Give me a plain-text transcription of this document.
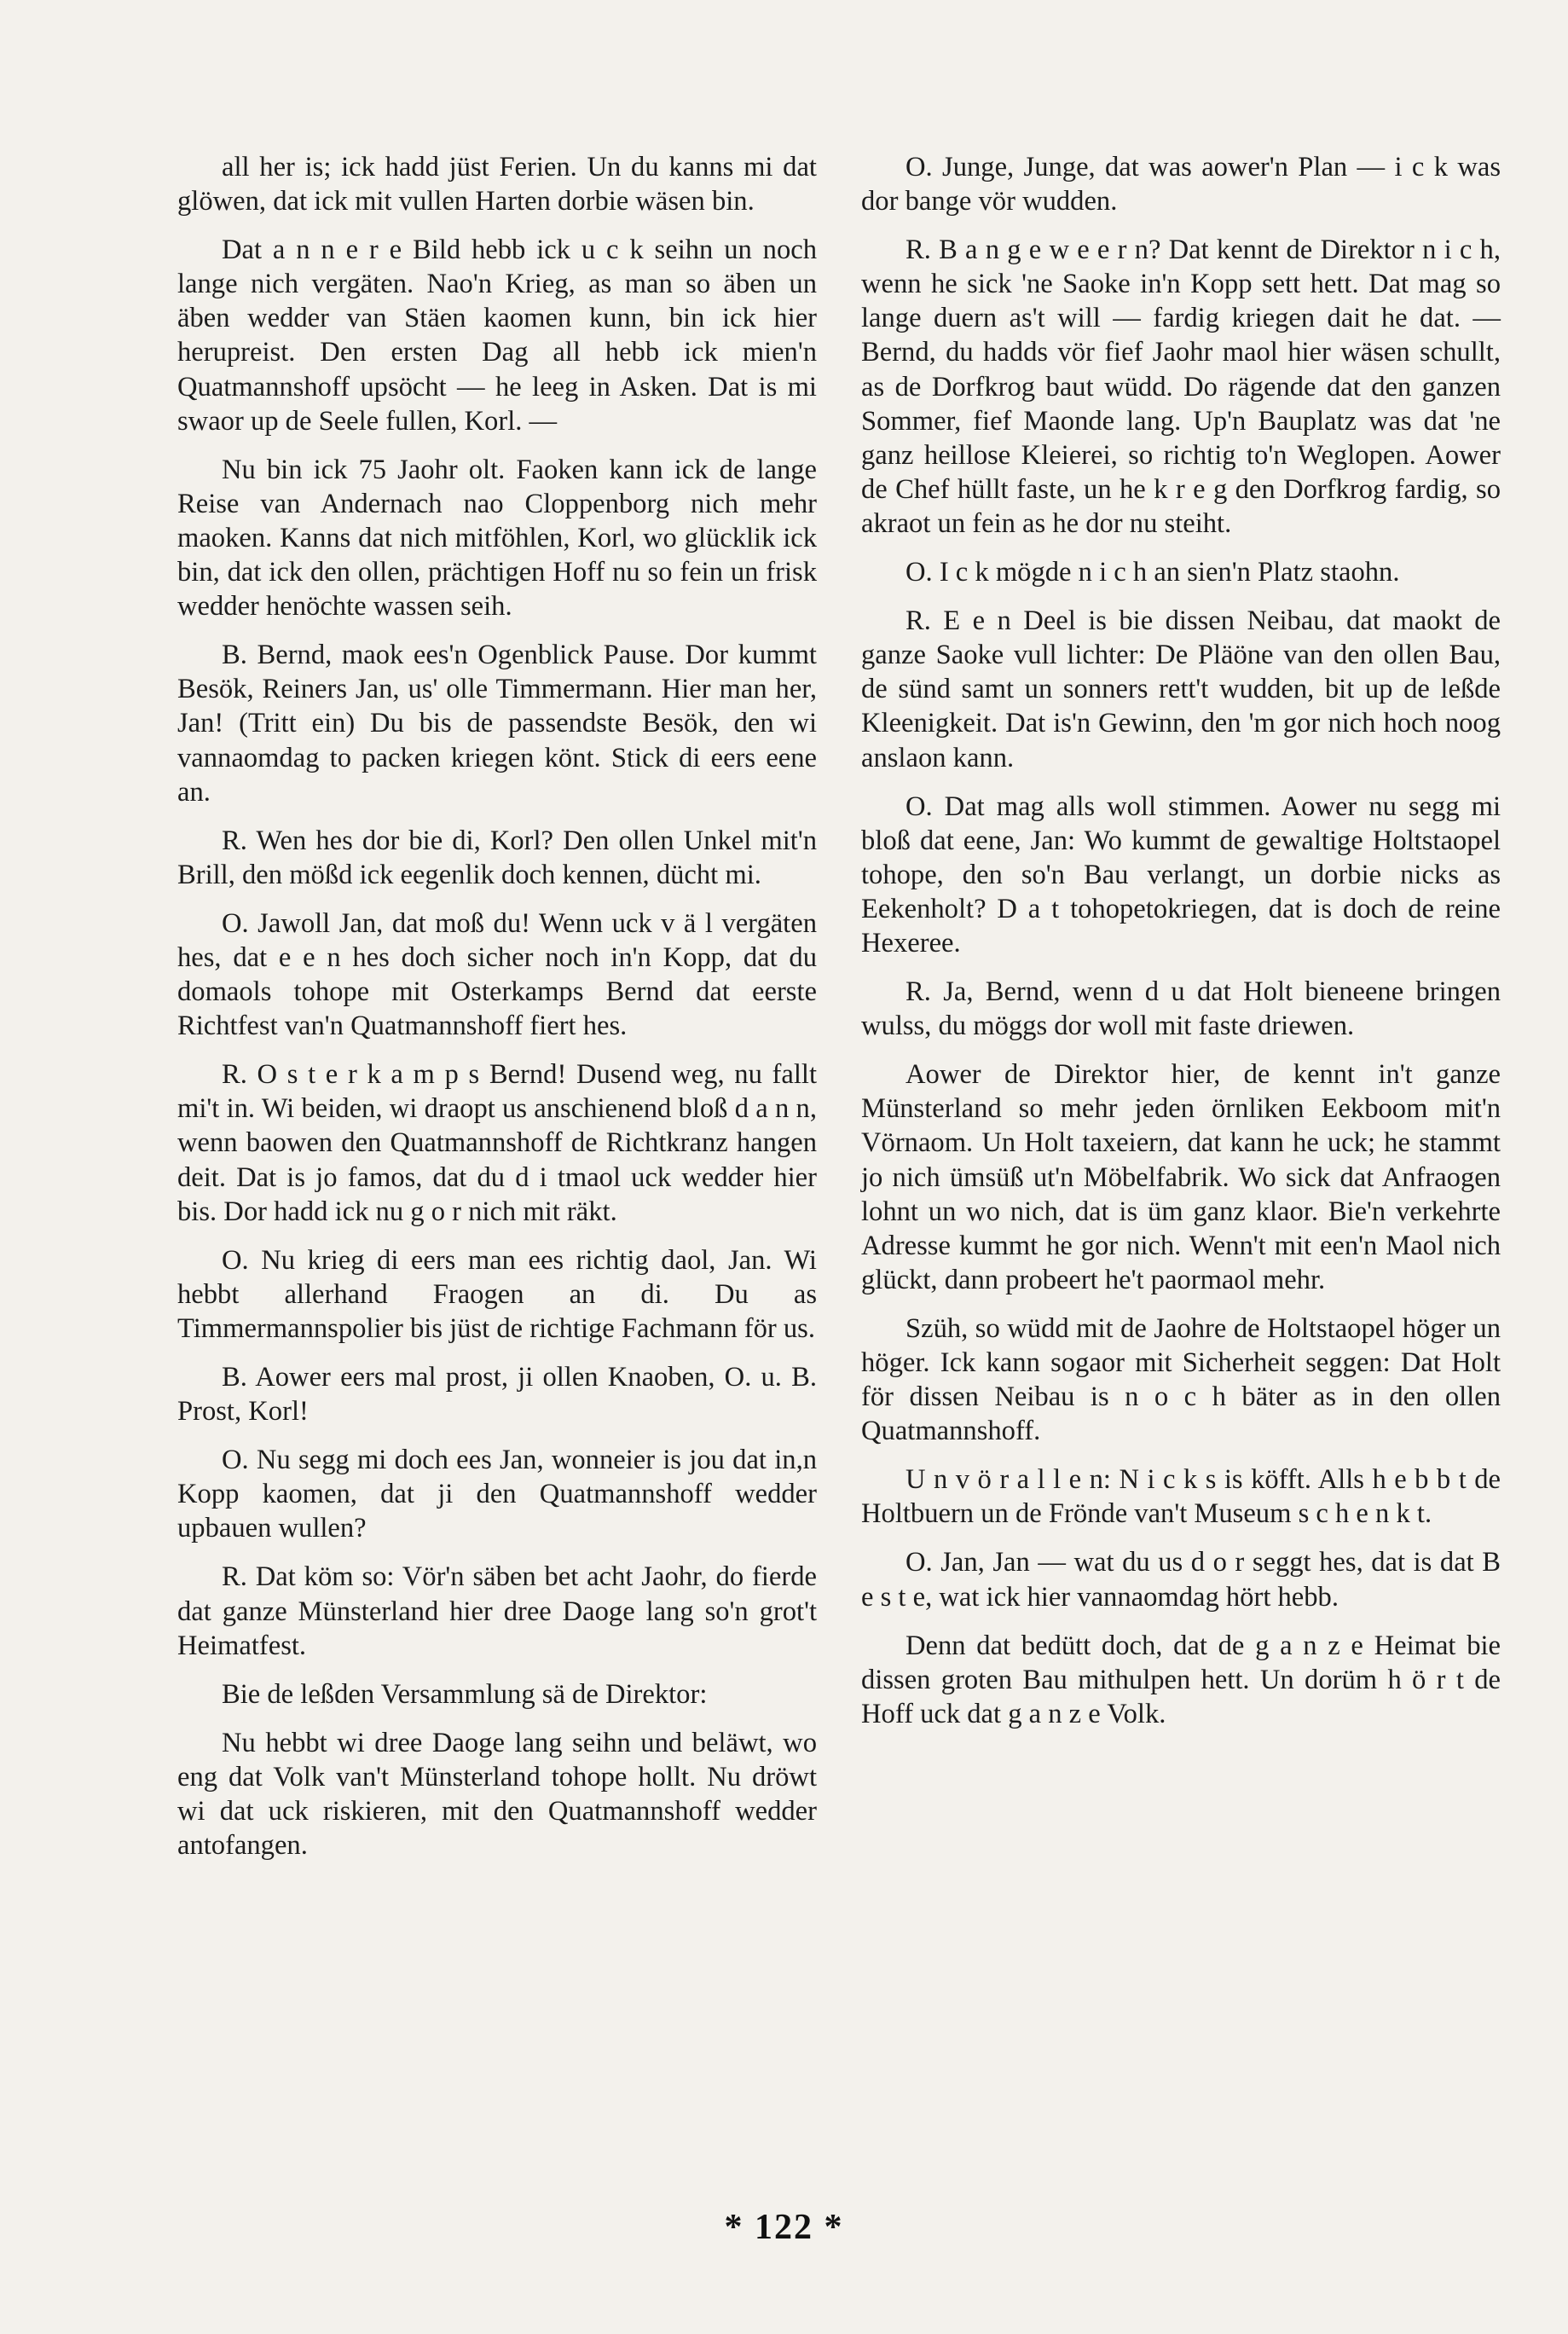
all her is; ick hadd jüst Ferien. Un du kanns mi dat glöwen, dat ick mit vullen Harten dorbie wäsen bin.

Dat a n n e r e Bild hebb ick u c k seihn un noch lange nich vergäten. Nao'n Krieg, as man so äben un äben wedder van Stäen kaomen kunn, bin ick hier herupreist. Den ersten Dag all hebb ick mien'n Quatmannshoff upsöcht — he leeg in Asken. Dat is mi swaor up de Seele fullen, Korl. —

Nu bin ick 75 Jaohr olt. Faoken kann ick de lange Reise van Andernach nao Cloppenborg nich mehr maoken. Kanns dat nich mitföhlen, Korl, wo glücklik ick bin, dat ick den ollen, prächtigen Hoff nu so fein un frisk wedder henöchte wassen seih.

B. Bernd, maok ees'n Ogenblick Pause. Dor kummt Besök, Reiners Jan, us' olle Timmermann. Hier man her, Jan! (Tritt ein) Du bis de passendste Besök, den wi vannaomdag to packen kriegen könt. Stick di eers eene an.

R. Wen hes dor bie di, Korl? Den ollen Unkel mit'n Brill, den mößd ick eegenlik doch kennen, dücht mi.

O. Jawoll Jan, dat moß du! Wenn uck v ä l vergäten hes, dat e e n hes doch sicher noch in'n Kopp, dat du domaols tohope mit Osterkamps Bernd dat eerste Richtfest van'n Quatmannshoff fiert hes.

R. O s t e r k a m p s Bernd! Dusend weg, nu fallt mi't in. Wi beiden, wi draopt us anschienend bloß d a n n, wenn baowen den Quatmannshoff de Richtkranz hangen deit. Dat is jo famos, dat du d i tmaol uck wedder hier bis. Dor hadd ick nu g o r nich mit räkt.

O. Nu krieg di eers man ees richtig daol, Jan. Wi hebbt allerhand Fraogen an di. Du as Timmermannspolier bis jüst de richtige Fachmann för us.

B. Aower eers mal prost, ji ollen Knaoben, O. u. B. Prost, Korl!

O. Nu segg mi doch ees Jan, wonneier is jou dat in,n Kopp kaomen, dat ji den Quatmannshoff wedder upbauen wullen?

R. Dat köm so: Vör'n säben bet acht Jaohr, do fierde dat ganze Münsterland hier dree Daoge lang so'n grot't Heimatfest.

Bie de leßden Versammlung sä de Direktor:

Nu hebbt wi dree Daoge lang seihn und beläwt, wo eng dat Volk van't Münsterland tohope hollt. Nu dröwt wi dat uck riskieren, mit den Quatmannshoff wedder antofangen.

O. Junge, Junge, dat was aower'n Plan — i c k was dor bange vör wudden.

R. B a n g e w e e r n? Dat kennt de Direktor n i c h, wenn he sick 'ne Saoke in'n Kopp sett hett. Dat mag so lange duern as't will — fardig kriegen dait he dat. — Bernd, du hadds vör fief Jaohr maol hier wäsen schullt, as de Dorfkrog baut wüdd. Do rägende dat den ganzen Sommer, fief Maonde lang. Up'n Bauplatz was dat 'ne ganz heillose Kleierei, so richtig to'n Weglopen. Aower de Chef hüllt faste, un he k r e g den Dorfkrog fardig, so akraot un fein as he dor nu steiht.

O. I c k mögde n i c h an sien'n Platz staohn.

R. E e n Deel is bie dissen Neibau, dat maokt de ganze Saoke vull lichter: De Pläöne van den ollen Bau, de sünd samt un sonners rett't wudden, bit up de leßde Kleenigkeit. Dat is'n Gewinn, den 'm gor nich hoch noog anslaon kann.

O. Dat mag alls woll stimmen. Aower nu segg mi bloß dat eene, Jan: Wo kummt de gewaltige Holtstaopel tohope, den so'n Bau verlangt, un dorbie nicks as Eekenholt? D a t tohopetokriegen, dat is doch de reine Hexeree.

R. Ja, Bernd, wenn d u dat Holt bieneene bringen wulss, du möggs dor woll mit faste driewen.

Aower de Direktor hier, de kennt in't ganze Münsterland so mehr jeden örnliken Eekboom mit'n Vörnaom. Un Holt taxeiern, dat kann he uck; he stammt jo nich ümsüß ut'n Möbelfabrik. Wo sick dat Anfraogen lohnt un wo nich, dat is üm ganz klaor. Bie'n verkehrte Adresse kummt he gor nich. Wenn't mit een'n Maol nich glückt, dann probeert he't paormaol mehr.

Szüh, so wüdd mit de Jaohre de Holtstaopel höger un höger. Ick kann sogaor mit Sicherheit seggen: Dat Holt för dissen Neibau is n o c h bäter as in den ollen Quatmannshoff.

U n v ö r a l l e n: N i c k s is köfft. Alls h e b b t de Holtbuern un de Frönde van't Museum s c h e n k t.

O. Jan, Jan — wat du us d o r seggt hes, dat is dat B e s t e, wat ick hier vannaomdag hört hebb.

Denn dat bedütt doch, dat de g a n z e Heimat bie dissen groten Bau mithulpen hett. Un dorüm h ö r t de Hoff uck dat g a n z e Volk.

* 122 *
